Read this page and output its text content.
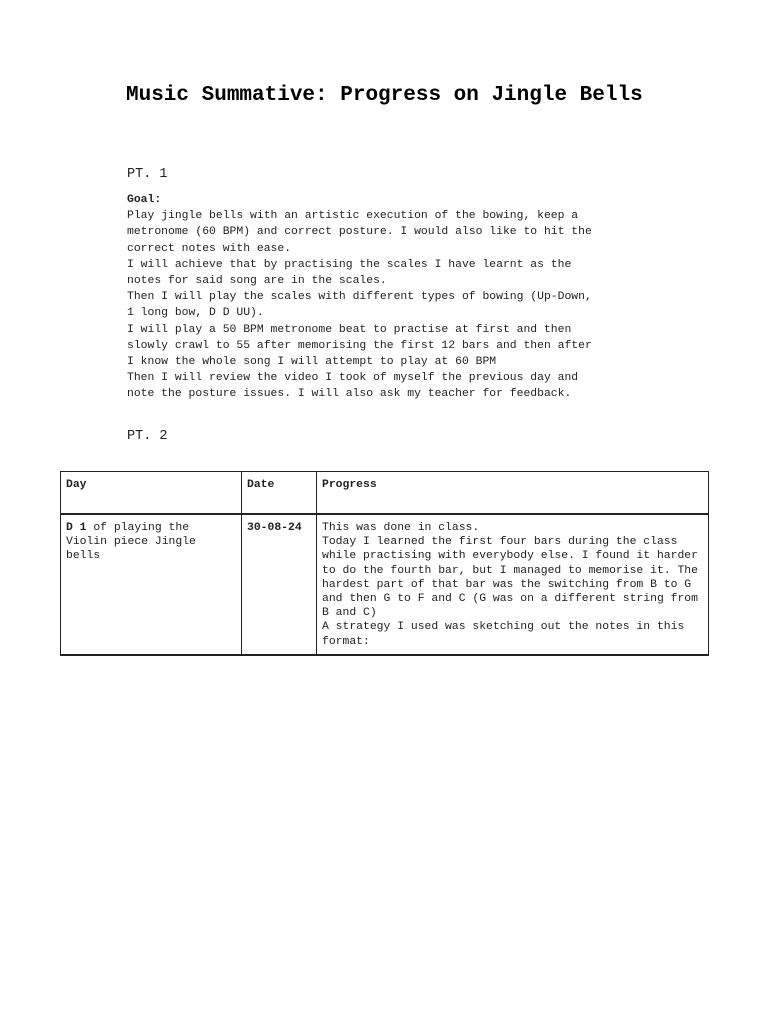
Music Summative: Progress on Jingle Bells

PT. 1

Goal:
Play jingle bells with an artistic execution of the bowing, keep a
metronome (60 BPM) and correct posture. I would also like to hit the
correct notes with ease.
I will achieve that by practising the scales I have learnt as the
notes for said song are in the scales.
Then I will play the scales with different types of bowing (Up-Down,
1 long bow, D D UU).
I will play a 50 BPM metronome beat to practise at first and then
slowly crawl to 55 after memorising the first 12 bars and then after
I know the whole song I will attempt to play at 60 BPM
Then I will review the video I took of myself the previous day and
note the posture issues. I will also ask my teacher for feedback.

PT. 2

Day	Date	Progress
D 1 of playing the Violin piece Jingle bells	30-08-24	This was done in class.
Today I learned the first four bars during the class while practising with everybody else. I found it harder to do the fourth bar, but I managed to memorise it. The hardest part of that bar was the switching from B to G and then G to F and C (G was on a different string from B and C)
A strategy I used was sketching out the notes in this format:
